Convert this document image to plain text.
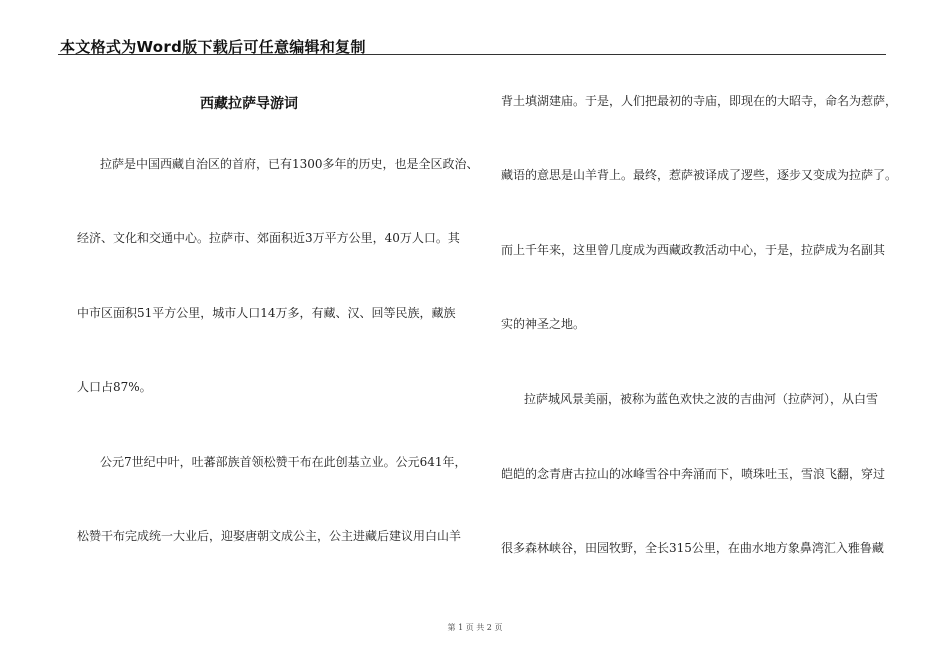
本文格式为Word版下载后可任意编辑和复制
西藏拉萨导游词
拉萨是中国西藏自治区的首府，已有1300多年的历史，也是全区政治、
经济、文化和交通中心。拉萨市、郊面积近3万平方公里，40万人口。其
中市区面积51平方公里，城市人口14万多，有藏、汉、回等民族，藏族
人口占87%。
公元7世纪中叶，吐蕃部族首领松赞干布在此创基立业。公元641年，
松赞干布完成统一大业后，迎娶唐朝文成公主，公主进藏后建议用白山羊
背土填湖建庙。于是，人们把最初的寺庙，即现在的大昭寺，命名为惹萨，
藏语的意思是山羊背上。最终，惹萨被译成了逻些，逐步又变成为拉萨了。
而上千年来，这里曾几度成为西藏政教活动中心，于是，拉萨成为名副其
实的神圣之地。
拉萨城风景美丽，被称为蓝色欢快之波的吉曲河（拉萨河），从白雪
皑皑的念青唐古拉山的冰峰雪谷中奔涌而下，喷珠吐玉，雪浪飞翻，穿过
很多森林峡谷，田园牧野，全长315公里，在曲水地方象鼻湾汇入雅鲁藏
第 1 页 共 2 页
